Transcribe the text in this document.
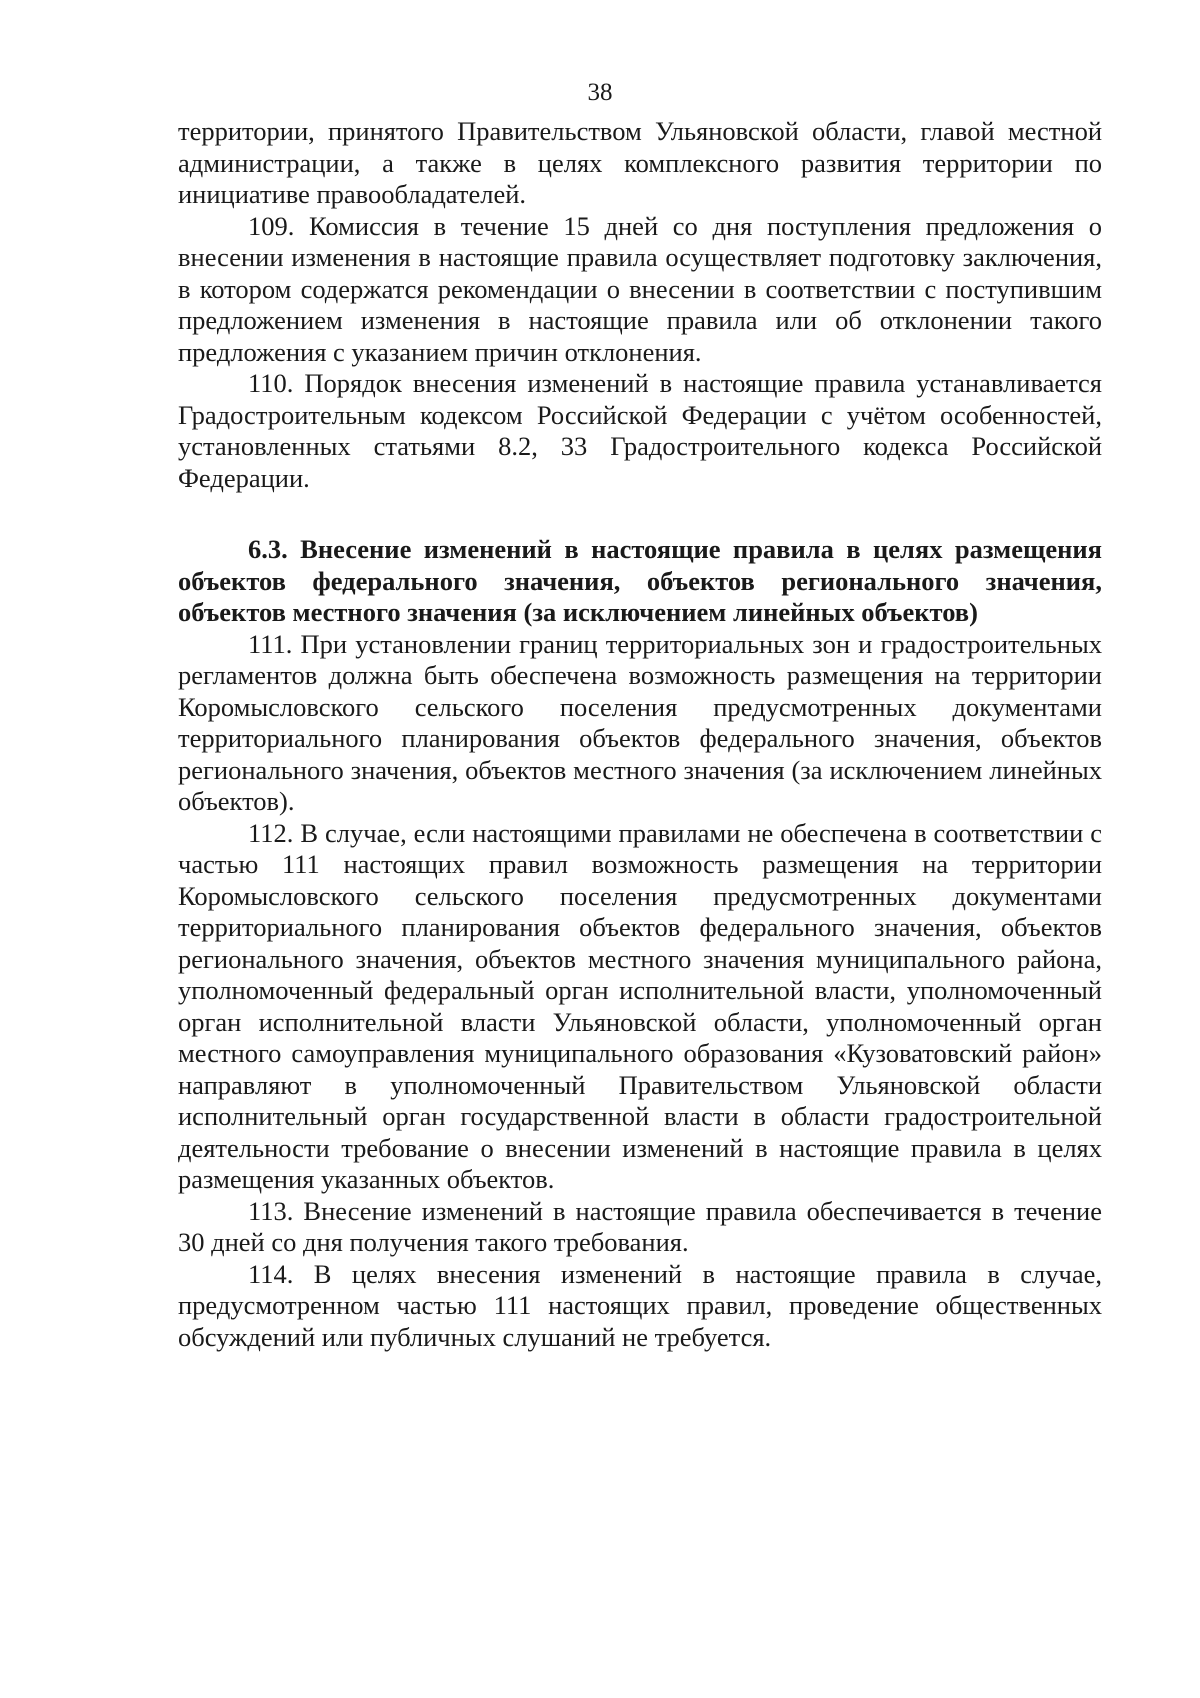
38

территории, принятого Правительством Ульяновской области, главой местной администрации, а также в целях комплексного развития территории по инициативе правообладателей.

109. Комиссия в течение 15 дней со дня поступления предложения о внесении изменения в настоящие правила осуществляет подготовку заключения, в котором содержатся рекомендации о внесении в соответствии с поступившим предложением изменения в настоящие правила или об отклонении такого предложения с указанием причин отклонения.

110. Порядок внесения изменений в настоящие правила устанавливается Градостроительным кодексом Российской Федерации с учётом особенностей, установленных статьями 8.2, 33 Градостроительного кодекса Российской Федерации.

6.3. Внесение изменений в настоящие правила в целях размещения объектов федерального значения, объектов регионального значения, объектов местного значения (за исключением линейных объектов)

111. При установлении границ территориальных зон и градостроительных регламентов должна быть обеспечена возможность размещения на территории Коромысловского сельского поселения предусмотренных документами территориального планирования объектов федерального значения, объектов регионального значения, объектов местного значения (за исключением линейных объектов).

112. В случае, если настоящими правилами не обеспечена в соответствии с частью 111 настоящих правил возможность размещения на территории Коромысловского сельского поселения предусмотренных документами территориального планирования объектов федерального значения, объектов регионального значения, объектов местного значения муниципального района, уполномоченный федеральный орган исполнительной власти, уполномоченный орган исполнительной власти Ульяновской области, уполномоченный орган местного самоуправления муниципального образования «Кузоватовский район» направляют в уполномоченный Правительством Ульяновской области исполнительный орган государственной власти в области градостроительной деятельности требование о внесении изменений в настоящие правила в целях размещения указанных объектов.

113. Внесение изменений в настоящие правила обеспечивается в течение 30 дней со дня получения такого требования.

114. В целях внесения изменений в настоящие правила в случае, предусмотренном частью 111 настоящих правил, проведение общественных обсуждений или публичных слушаний не требуется.
